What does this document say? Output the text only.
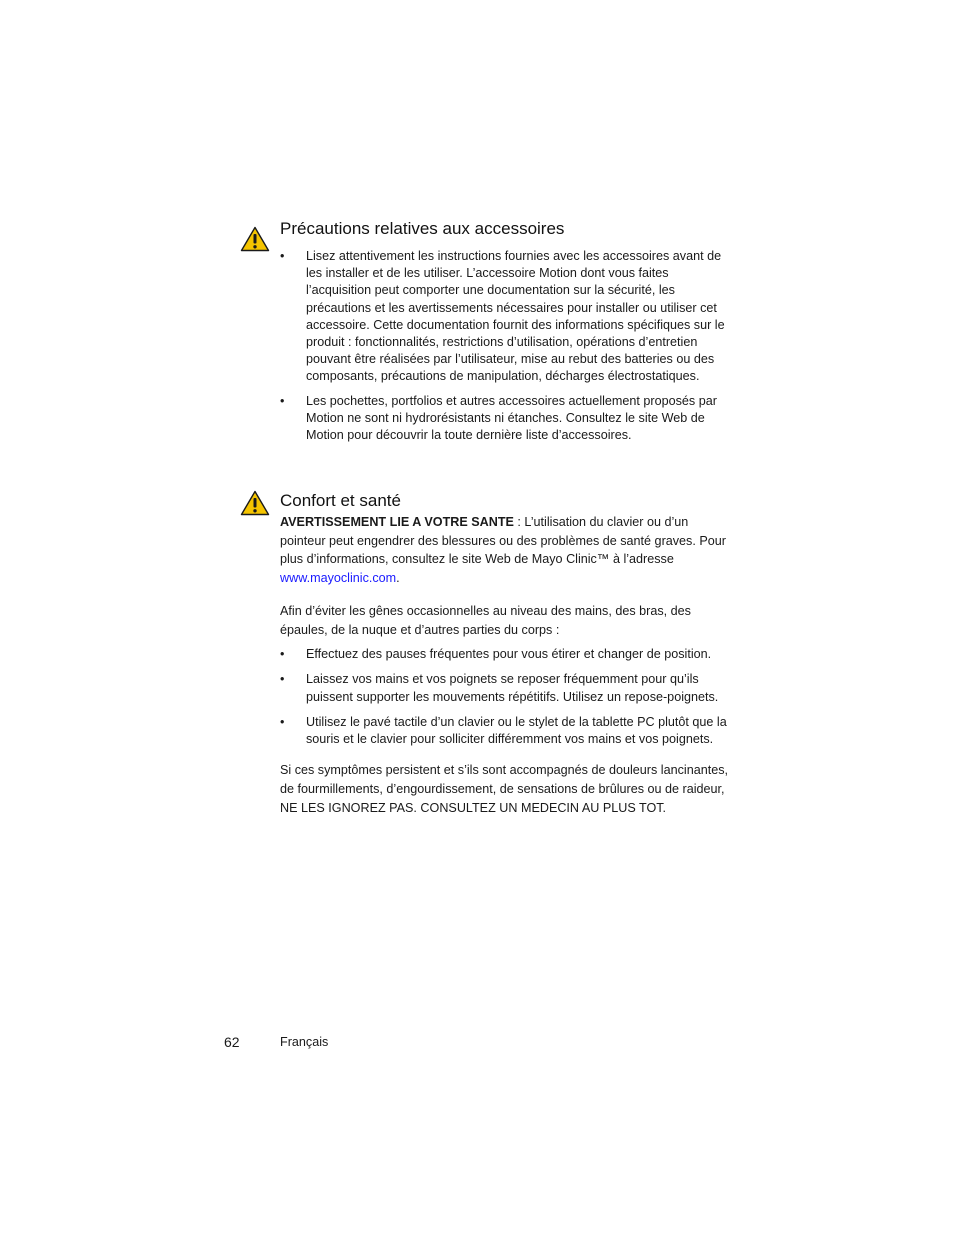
Précautions relatives aux accessoires
• Lisez attentivement les instructions fournies avec les accessoires avant de les installer et de les utiliser. L’accessoire Motion dont vous faites l’acquisition peut comporter une documentation sur la sécurité, les précautions et les avertissements nécessaires pour installer ou utiliser cet accessoire. Cette documentation fournit des informations spécifiques sur le produit : fonctionnalités, restrictions d’utilisation, opérations d’entretien pouvant être réalisées par l’utilisateur, mise au rebut des batteries ou des composants, précautions de manipulation, décharges électrostatiques.
• Les pochettes, portfolios et autres accessoires actuellement proposés par Motion ne sont ni hydrorésistants ni étanches. Consultez le site Web de Motion pour découvrir la toute dernière liste d’accessoires.
Confort et santé

AVERTISSEMENT LIE A VOTRE SANTE : L’utilisation du clavier ou d’un pointeur peut engendrer des blessures ou des problèmes de santé graves. Pour plus d’informations, consultez le site Web de Mayo Clinic™ à l’adresse www.mayoclinic.com.

Afin d’éviter les gênes occasionnelles au niveau des mains, des bras, des épaules, de la nuque et d’autres parties du corps :

• Effectuez des pauses fréquentes pour vous étirer et changer de position.
• Laissez vos mains et vos poignets se reposer fréquemment pour qu’ils puissent supporter les mouvements répétitifs. Utilisez un repose-poignets.
• Utilisez le pavé tactile d’un clavier ou le stylet de la tablette PC plutôt que la souris et le clavier pour solliciter différemment vos mains et vos poignets.

Si ces symptômes persistent et s’ils sont accompagnés de douleurs lancinantes, de fourmillements, d’engourdissement, de sensations de brûlures ou de raideur, NE LES IGNOREZ PAS. CONSULTEZ UN MEDECIN AU PLUS TOT.

62	Français
